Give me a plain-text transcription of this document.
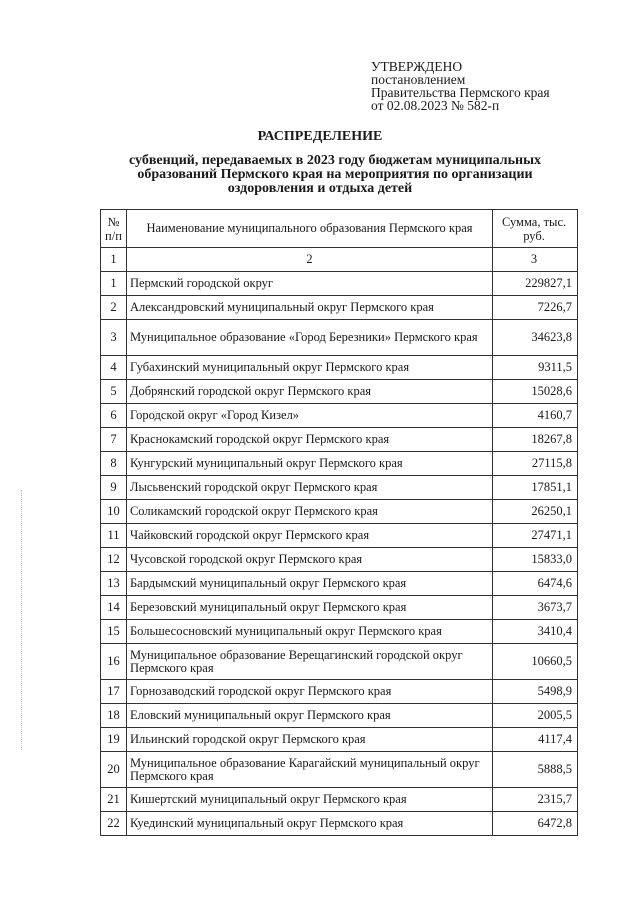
УТВЕРЖДЕНО
постановлением
Правительства Пермского края
от 02.08.2023 № 582-п
РАСПРЕДЕЛЕНИЕ
субвенций, передаваемых в 2023 году бюджетам муниципальных
образований Пермского края на мероприятия по организации
оздоровления и отдыха детей
№ п/п	Наименование муниципального образования Пермского края	Сумма, тыс. руб.
1	2	3
1	Пермский городской округ	229827,1
2	Александровский муниципальный округ Пермского края	7226,7
3	Муниципальное образование «Город Березники» Пермского края	34623,8
4	Губахинский муниципальный округ Пермского края	9311,5
5	Добрянский городской округ Пермского края	15028,6
6	Городской округ «Город Кизел»	4160,7
7	Краснокамский городской округ Пермского края	18267,8
8	Кунгурский муниципальный округ Пермского края	27115,8
9	Лысьвенский городской округ Пермского края	17851,1
10	Соликамский городской округ Пермского края	26250,1
11	Чайковский городской округ Пермского края	27471,1
12	Чусовской городской округ Пермского края	15833,0
13	Бардымский муниципальный округ Пермского края	6474,6
14	Березовский муниципальный округ Пермского края	3673,7
15	Большесосновский муниципальный округ Пермского края	3410,4
16	Муниципальное образование Верещагинский городской округ Пермского края	10660,5
17	Горнозаводский городской округ Пермского края	5498,9
18	Еловский муниципальный округ Пермского края	2005,5
19	Ильинский городской округ Пермского края	4117,4
20	Муниципальное образование Карагайский муниципальный округ Пермского края	5888,5
21	Кишертский муниципальный округ Пермского края	2315,7
22	Куединский муниципальный округ Пермского края	6472,8
